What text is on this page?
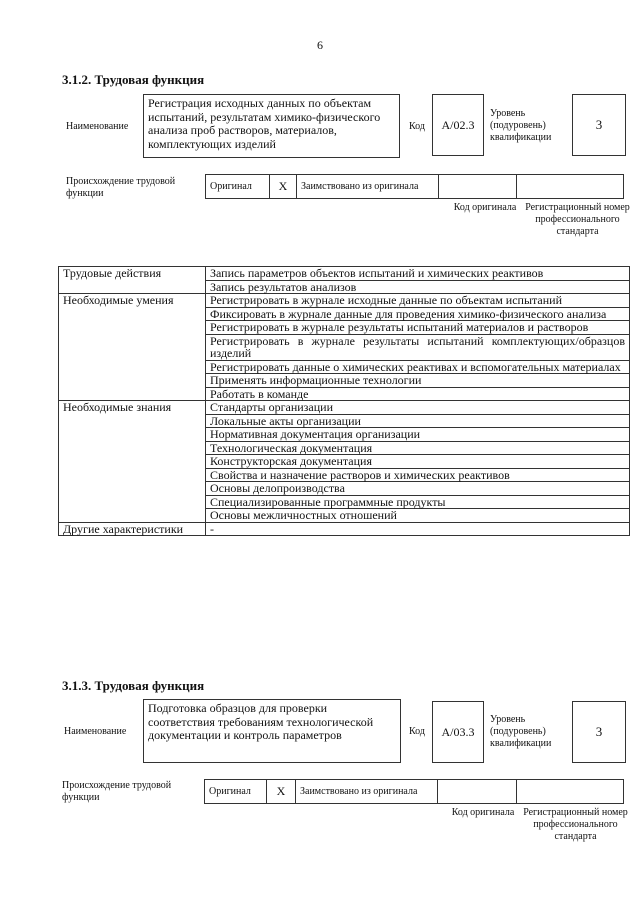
6
3.1.2. Трудовая функция
Наименование
Регистрация исходных данных по объектам испытаний, результатам химико-физического анализа проб растворов, материалов, комплектующих изделий
Код	А/02.3
Уровень (подуровень) квалификации
3
Происхождение трудовой функции
Оригинал	X	Заимствовано из оригинала
Код оригинала Регистрационный номер профессионального стандарта
Трудовые действия	Запись параметров объектов испытаний и химических реактивов
	Запись результатов анализов
Необходимые умения	Регистрировать в журнале исходные данные по объектам испытаний
	Фиксировать в журнале данные для проведения химико-физического анализа
	Регистрировать в журнале результаты испытаний материалов и растворов
	Регистрировать в журнале результаты испытаний комплектующих/образцов изделий
	Регистрировать данные о химических реактивах и вспомогательных материалах
	Применять информационные технологии
	Работать в команде
Необходимые знания	Стандарты организации
	Локальные акты организации
	Нормативная документация организации
	Технологическая документация
	Конструкторская документация
	Свойства и назначение растворов и химических реактивов
	Основы делопроизводства
	Специализированные программные продукты
	Основы межличностных отношений
Другие характеристики	-
3.1.3. Трудовая функция
Наименование
Подготовка образцов для проверки соответствия требованиям технологической документации и контроль параметров	Код	А/03.3
Уровень (подуровень) квалификации
3
Происхождение трудовой функции
Оригинал	X	Заимствовано из оригинала
Код оригинала Регистрационный номер профессионального стандарта
